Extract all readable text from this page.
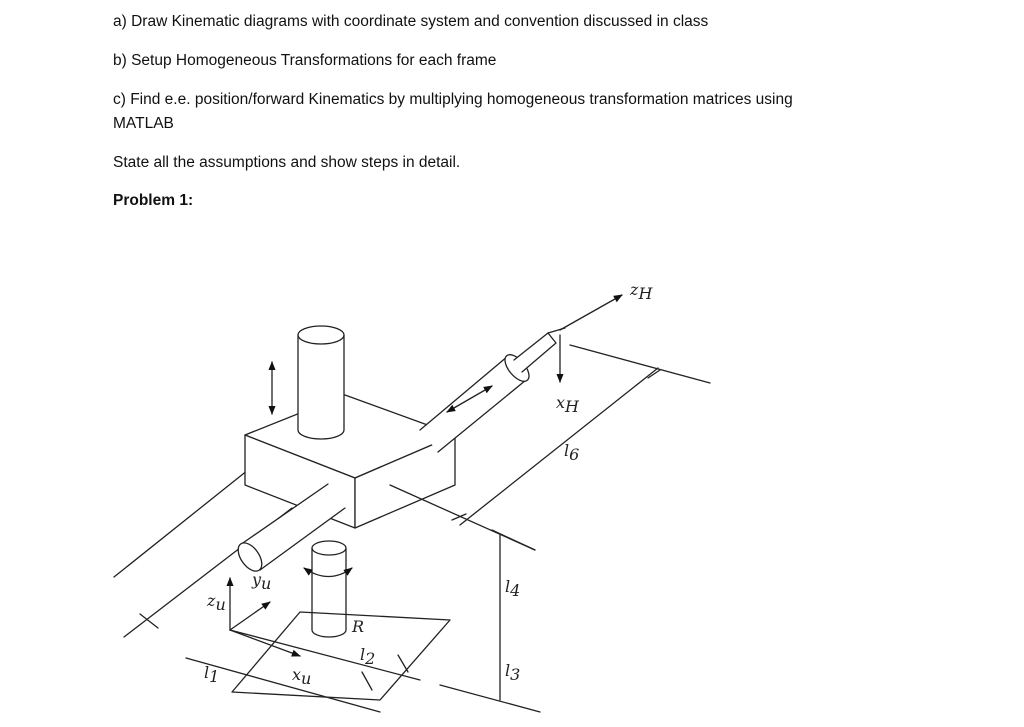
a) Draw Kinematic diagrams with coordinate system and convention discussed in class
b) Setup Homogeneous Transformations for each frame
c) Find e.e. position/forward Kinematics by multiplying homogeneous transformation matrices using
MATLAB
State all the assumptions and show steps in detail.
Problem 1:
zH
xH
l6
l4
l3
l2
l1
R
yu
zu
xu
